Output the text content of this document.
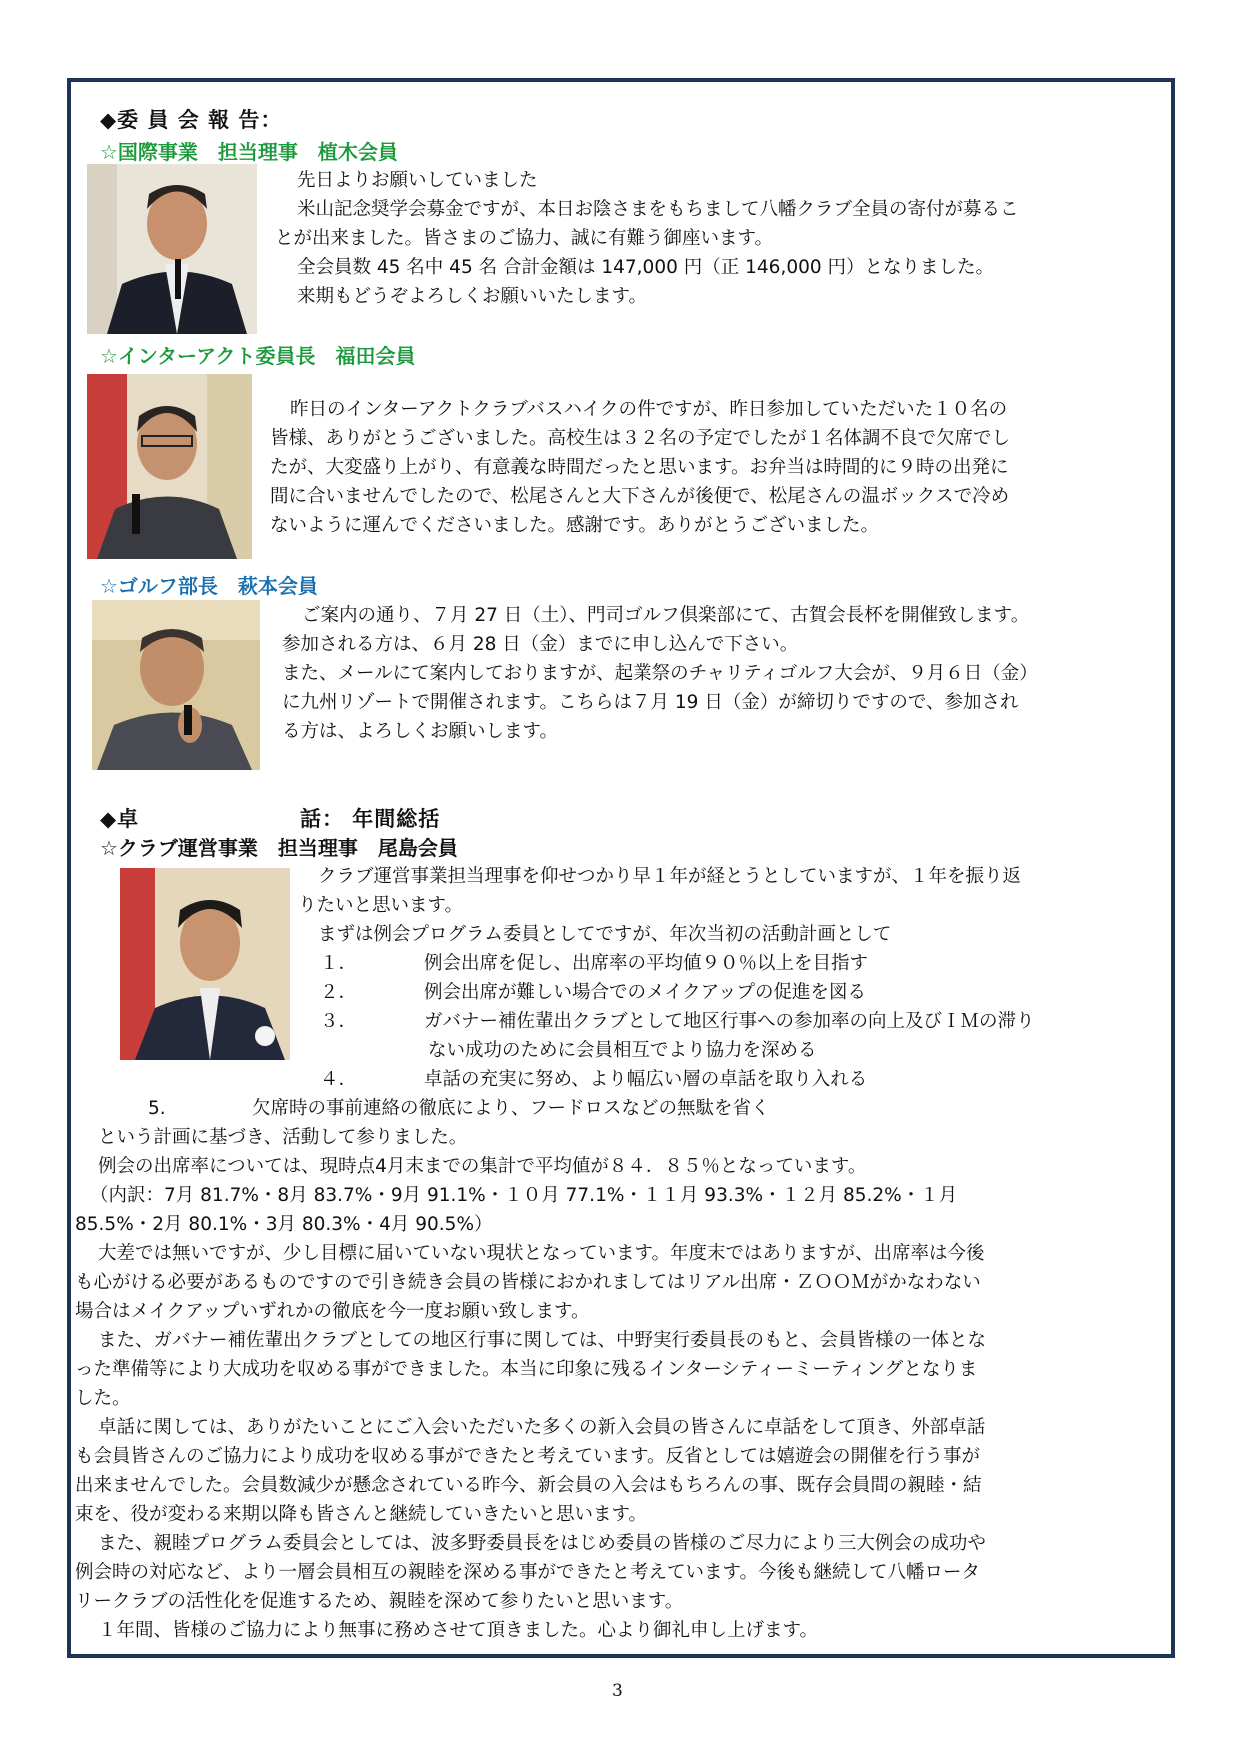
◆委 員 会 報 告：
☆国際事業　担当理事　植木会員
先日よりお願いしていました
米山記念奨学会募金ですが、本日お陰さまをもちまして八幡クラブ全員の寄付が募るこ
とが出来ました。皆さまのご協力、誠に有難う御座います。
全会員数 45 名中 45 名 合計金額は 147,000 円（正 146,000 円）となりました。
来期もどうぞよろしくお願いいたします。
☆インターアクト委員長　福田会員
昨日のインターアクトクラブバスハイクの件ですが、昨日参加していただいた１０名の
皆様、ありがとうございました。高校生は３２名の予定でしたが１名体調不良で欠席でし
たが、大変盛り上がり、有意義な時間だったと思います。お弁当は時間的に９時の出発に
間に合いませんでしたので、松尾さんと大下さんが後便で、松尾さんの温ボックスで冷め
ないように運んでくださいました。感謝です。ありがとうございました。
☆ゴルフ部長　萩本会員
ご案内の通り、７月 27 日（土）、門司ゴルフ倶楽部にて、古賀会長杯を開催致します。
参加される方は、６月 28 日（金）までに申し込んで下さい。
また、メールにて案内しておりますが、起業祭のチャリティゴルフ大会が、９月６日（金）
に九州リゾートで開催されます。こちらは７月 19 日（金）が締切りですので、参加され
る方は、よろしくお願いします。
◆卓	話： 年間総括
☆クラブ運営事業　担当理事　尾島会員
クラブ運営事業担当理事を仰せつかり早１年が経とうとしていますが、１年を振り返
りたいと思います。
まずは例会プログラム委員としてですが、年次当初の活動計画として
１．	例会出席を促し、出席率の平均値９０％以上を目指す
２．	例会出席が難しい場合でのメイクアップの促進を図る
３．	ガバナー補佐輩出クラブとして地区行事への参加率の向上及びＩＭの滞り
ない成功のために会員相互でより協力を深める
４．	卓話の充実に努め、より幅広い層の卓話を取り入れる
5.	欠席時の事前連絡の徹底により、フードロスなどの無駄を省く
という計画に基づき、活動して参りました。
例会の出席率については、現時点4月末までの集計で平均値が８４．８５％となっています。
（内訳：7月 81.7%・8月 83.7%・9月 91.1%・１０月 77.1%・１１月 93.3%・１２月 85.2%・１月
85.5%・2月 80.1%・3月 80.3%・4月 90.5%）
大差では無いですが、少し目標に届いていない現状となっています。年度末ではありますが、出席率は今後
も心がける必要があるものですので引き続き会員の皆様におかれましてはリアル出席・ＺＯＯＭがかなわない
場合はメイクアップいずれかの徹底を今一度お願い致します。
また、ガバナー補佐輩出クラブとしての地区行事に関しては、中野実行委員長のもと、会員皆様の一体とな
った準備等により大成功を収める事ができました。本当に印象に残るインターシティーミーティングとなりま
した。
卓話に関しては、ありがたいことにご入会いただいた多くの新入会員の皆さんに卓話をして頂き、外部卓話
も会員皆さんのご協力により成功を収める事ができたと考えています。反省としては嬉遊会の開催を行う事が
出来ませんでした。会員数減少が懸念されている昨今、新会員の入会はもちろんの事、既存会員間の親睦・結
束を、役が変わる来期以降も皆さんと継続していきたいと思います。
また、親睦プログラム委員会としては、波多野委員長をはじめ委員の皆様のご尽力により三大例会の成功や
例会時の対応など、より一層会員相互の親睦を深める事ができたと考えています。今後も継続して八幡ロータ
リークラブの活性化を促進するため、親睦を深めて参りたいと思います。
１年間、皆様のご協力により無事に務めさせて頂きました。心より御礼申し上げます。
3
